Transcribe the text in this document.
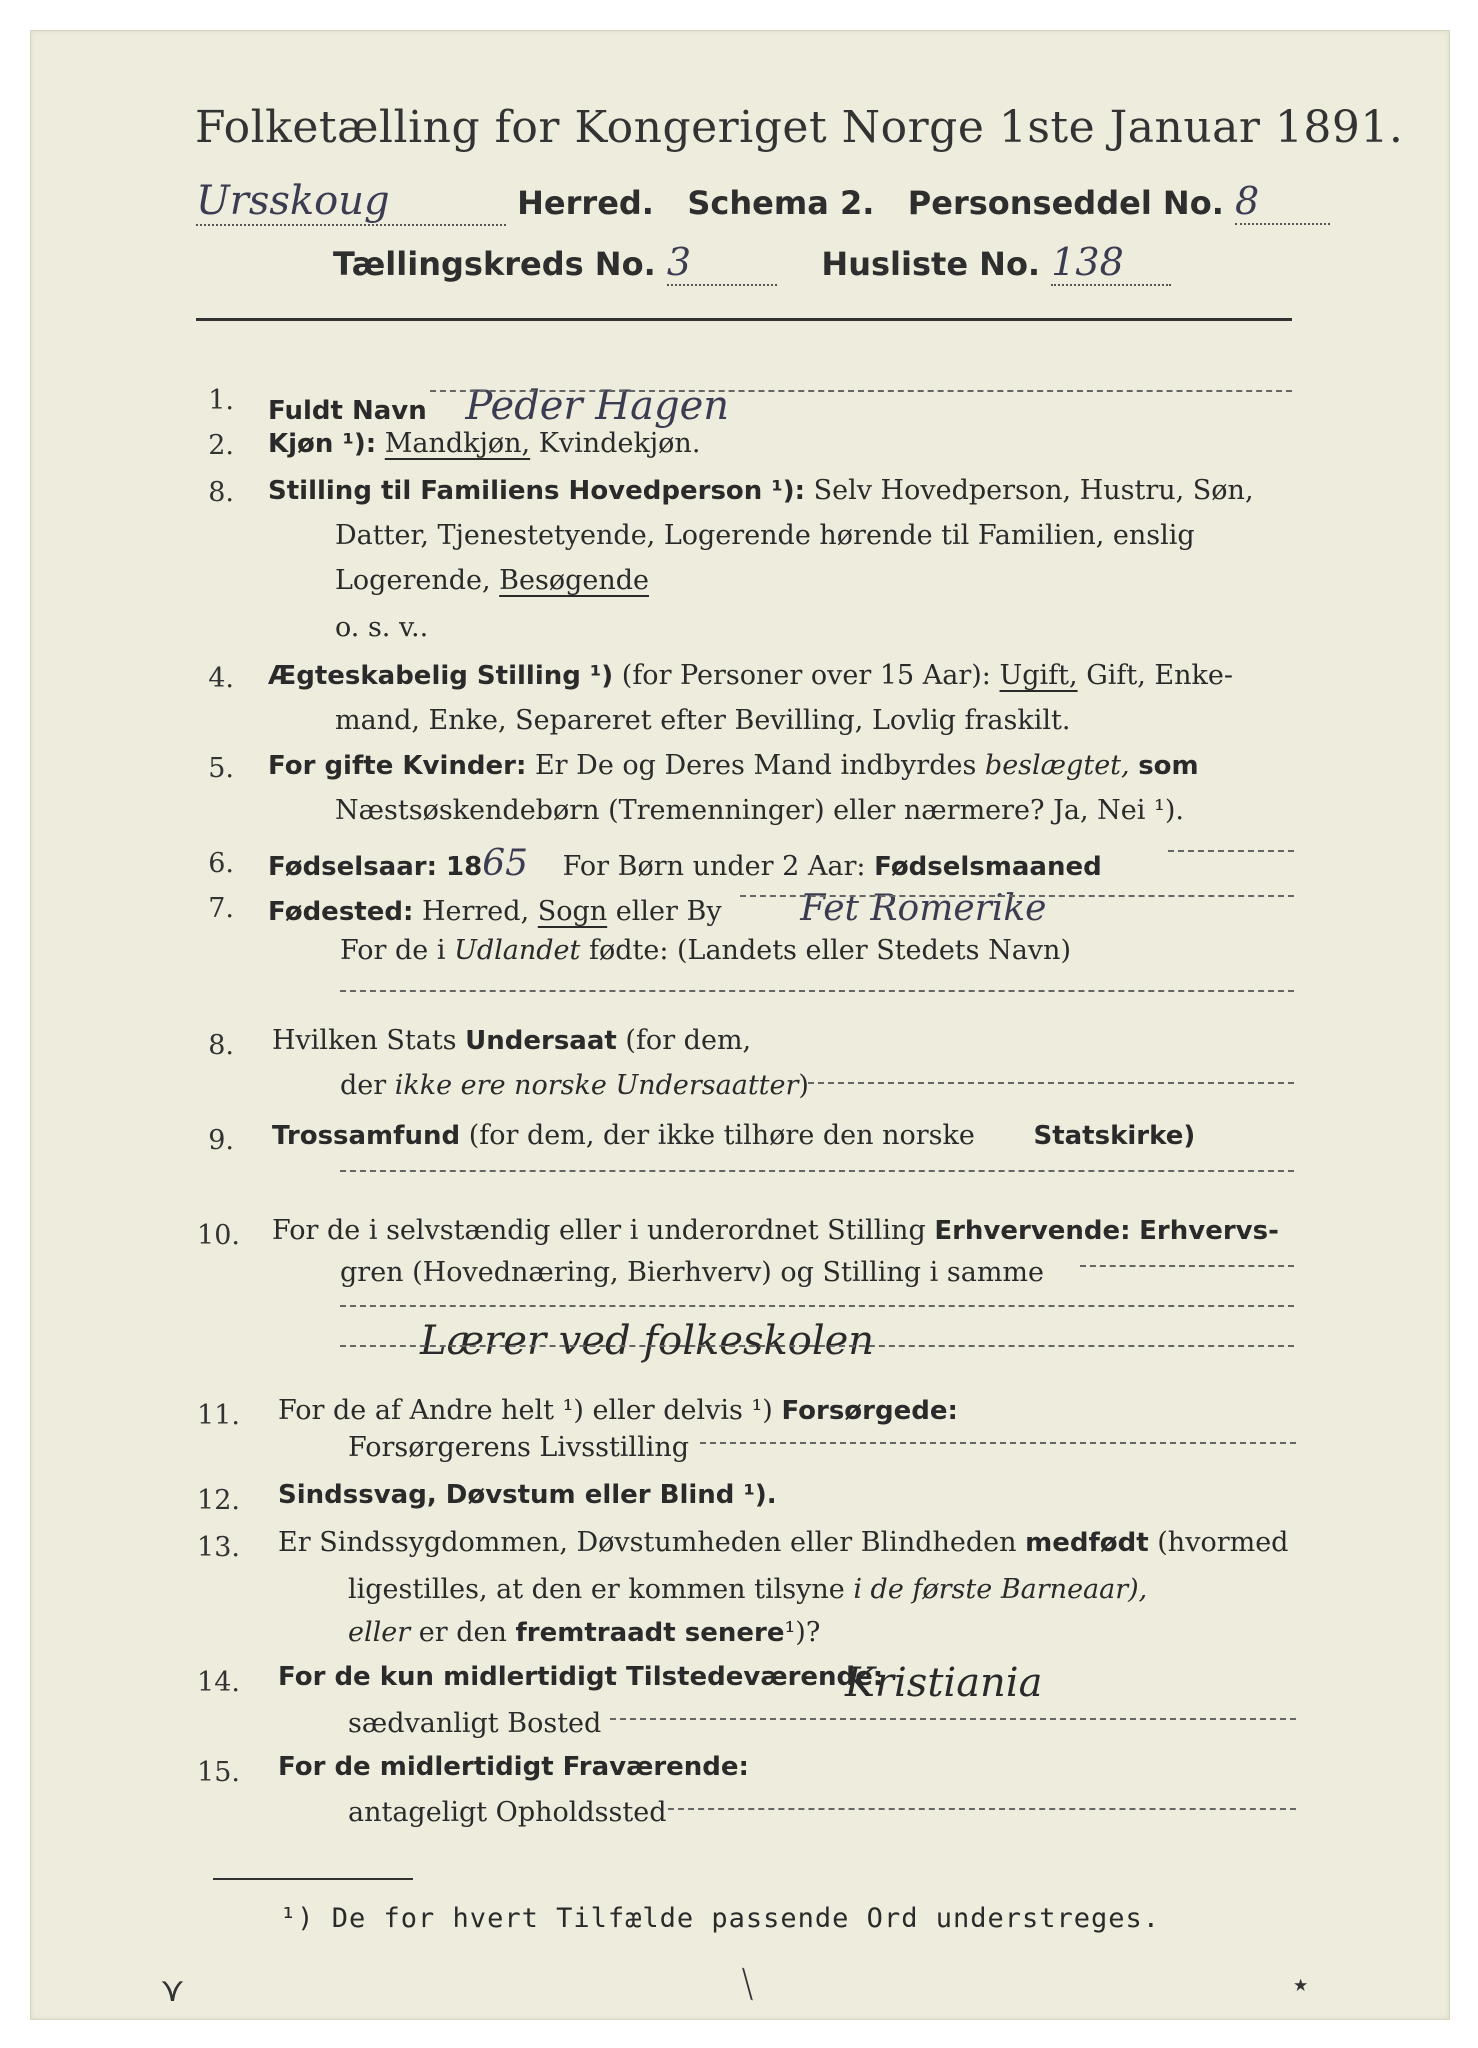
Folketælling for Kongeriget Norge 1ste Januar 1891.
Ursskoug	Herred. Schema 2. Personseddel No. 8
Tællingskreds No. 3	Husliste No. 138
1. Fuldt Navn Peder Hagen
2. Kjøn ¹): Mandkjøn, Kvindekjøn.
8. Stilling til Familiens Hovedperson ¹): Selv Hovedperson, Hustru, Søn,
Datter, Tjenestetyende, Logerende hørende til Familien, enslig
Logerende, Besøgende
o. s. v..
4. Ægteskabelig Stilling ¹) (for Personer over 15 Aar): Ugift, Gift, Enke-
mand, Enke, Separeret efter Bevilling, Lovlig fraskilt.
5. For gifte Kvinder: Er De og Deres Mand indbyrdes beslægtet, som
Næstsøskendebørn (Tremenninger) eller nærmere? Ja, Nei ¹).
6. Fødselsaar: 1865 For Børn under 2 Aar: Fødselsmaaned
7. Fødested: Herred, Sogn eller By Fet Romerike
For de i Udlandet fødte: (Landets eller Stedets Navn)
8. Hvilken Stats Undersaat (for dem,
der ikke ere norske Undersaatter)
9. Trossamfund (for dem, der ikke tilhøre den norske Statskirke)
10. For de i selvstændig eller i underordnet Stilling Erhvervende: Erhvervs-
gren (Hovednæring, Bierhverv) og Stilling i samme
Lærer ved folkeskolen
11. For de af Andre helt ¹) eller delvis ¹) Forsørgede:
Forsørgerens Livsstilling
12. Sindssvag, Døvstum eller Blind ¹).
13. Er Sindssygdommen, Døvstumheden eller Blindheden medfødt (hvormed
ligestilles, at den er kommen tilsyne i de første Barneaar),
eller er den fremtraadt senere¹)?
14. For de kun midlertidigt Tilstedeværende:
Kristiania
sædvanligt Bosted
15. For de midlertidigt Fraværende:
antageligt Opholdssted
¹) De for hvert Tilfælde passende Ord understreges.
⋎	⟍	⋆
